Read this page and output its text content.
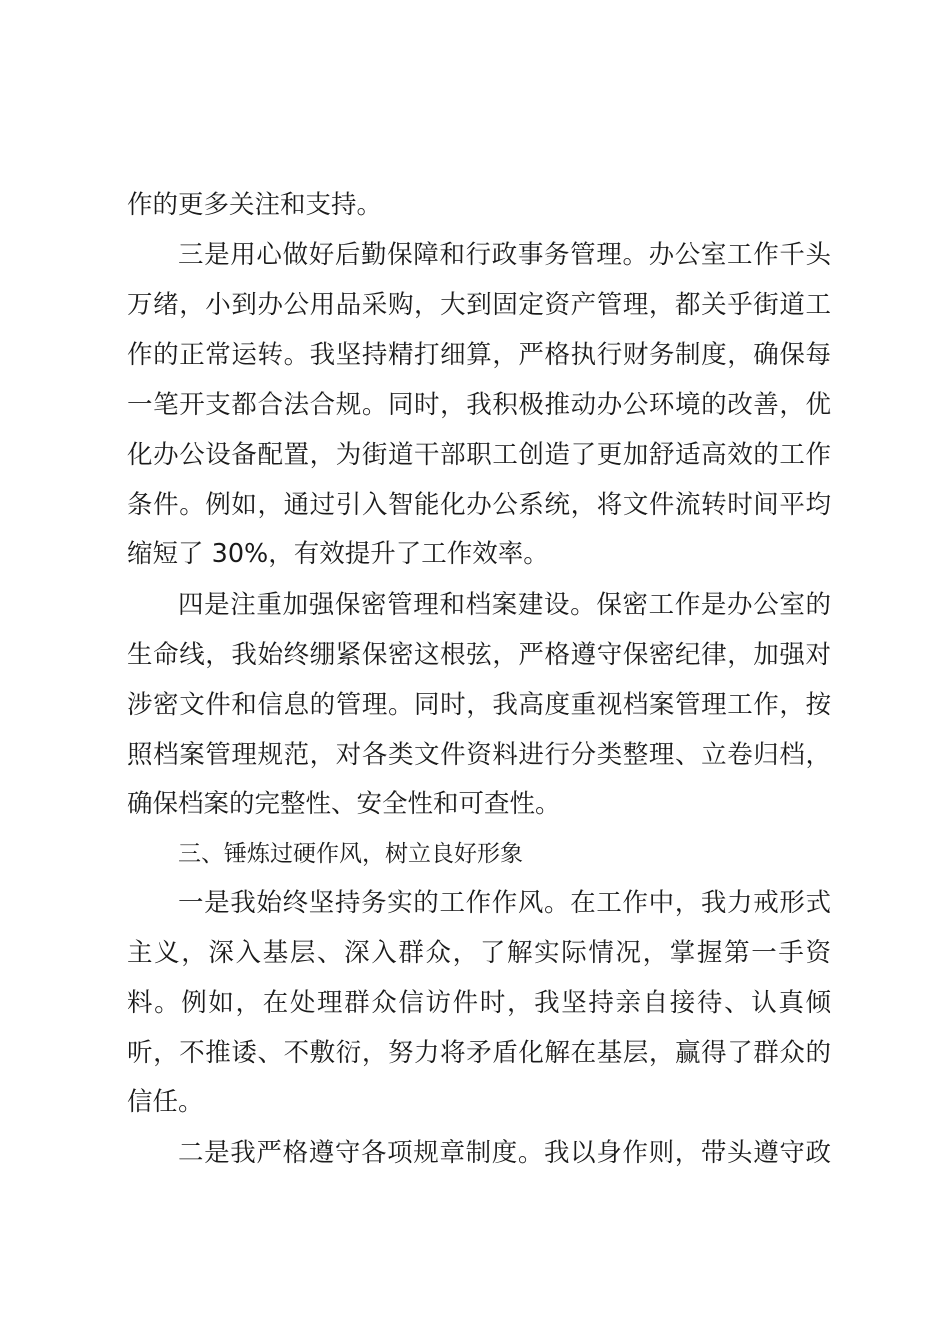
作的更多关注和支持。
三是用心做好后勤保障和行政事务管理。办公室工作千头
万绪，小到办公用品采购，大到固定资产管理，都关乎街道工
作的正常运转。我坚持精打细算，严格执行财务制度，确保每
一笔开支都合法合规。同时，我积极推动办公环境的改善，优
化办公设备配置，为街道干部职工创造了更加舒适高效的工作
条件。例如，通过引入智能化办公系统，将文件流转时间平均
缩短了 30%，有效提升了工作效率。
四是注重加强保密管理和档案建设。保密工作是办公室的
生命线，我始终绷紧保密这根弦，严格遵守保密纪律，加强对
涉密文件和信息的管理。同时，我高度重视档案管理工作，按
照档案管理规范，对各类文件资料进行分类整理、立卷归档，
确保档案的完整性、安全性和可查性。
三、锤炼过硬作风，树立良好形象
一是我始终坚持务实的工作作风。在工作中，我力戒形式
主义，深入基层、深入群众，了解实际情况，掌握第一手资
料。例如，在处理群众信访件时，我坚持亲自接待、认真倾
听，不推诿、不敷衍，努力将矛盾化解在基层，赢得了群众的
信任。
二是我严格遵守各项规章制度。我以身作则，带头遵守政
